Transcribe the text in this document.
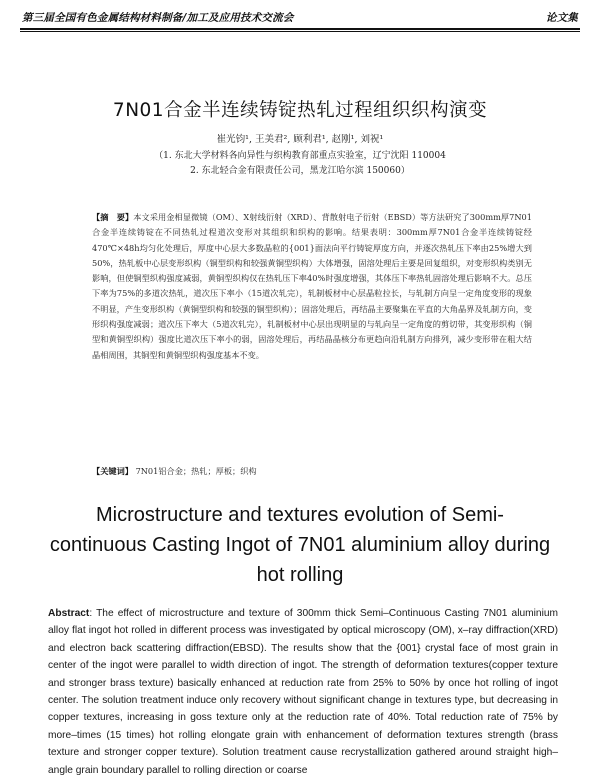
第三届全国有色金属结构材料制备/加工及应用技术交流会	论文集
7N01合金半连续铸锭热轧过程组织织构演变
崔光钧¹, 王美君², 顾利君¹, 赵刚¹, 刘祝¹
（1. 东北大学材料各向异性与织构教育部重点实验室，辽宁沈阳 110004
2. 东北轻合金有限责任公司，黑龙江哈尔滨 150060）
【摘　要】本文采用金相显微镜（OM）、X射线衍射（XRD）、背散射电子衍射（EBSD）等方法研究了300mm厚7N01合金半连续铸锭在不同热轧过程道次变形对其组织和织构的影响。结果表明：300mm厚7N01合金半连续铸锭经470℃×48h均匀化处理后，厚度中心层大多数晶粒的{001}面法向平行铸锭厚度方向，并逐次热轧压下率由25%增大到50%，热轧板中心层变形织构（铜型织构和较强黄铜型织构）大体增强，固溶处理后主要是回复组织，对变形织构类别无影响，但使铜型织构强度减弱，黄铜型织构仅在热轧压下率40%时强度增强，其体压下率热轧固溶处理后影响不大。总压下率为75%的多道次热轧，道次压下率小（15道次轧完），轧制板材中心层晶粒拉长，与轧制方向呈一定角度变形的现象不明显，产生变形织构（黄铜型织构和较强的铜型织构）；固溶处理后，再结晶主要聚集在平直的大角晶界及轧制方向，变形织构强度减弱；道次压下率大（5道次轧完），轧制板材中心层出现明显的与轧向呈一定角度的剪切带，其变形织构（铜型和黄铜型织构）强度比道次压下率小的弱，固溶处理后，再结晶晶核分布更趋向沿轧制方向排列，减少变形带在粗大结晶相周围，其铜型和黄铜型织构强度基本不变。
【关键词】 7N01铝合金；热轧；厚板；织构
Microstructure and textures evolution of Semi-
continuous Casting Ingot of 7N01 aluminium alloy during
hot rolling
Abstract: The effect of microstructure and texture of 300mm thick Semi–Continuous Casting 7N01 aluminium alloy flat ingot hot rolled in different process was investigated by optical microscopy (OM), x–ray diffraction(XRD) and electron back scattering diffraction(EBSD). The results show that the {001} crystal face of most grain in center of the ingot were parallel to width direction of ingot. The strength of deformation textures(copper texture and stronger brass texture) basically enhanced at reduction rate from 25% to 50% by once hot rolling of ingot center. The solution treatment induce only recovery without significant change in textures type, but decreasing in copper textures, increasing in goss texture only at the reduction rate of 40%. Total reduction rate of 75% by more–times (15 times) hot rolling elongate grain with enhancement of deformation textures strength (brass texture and stronger copper texture). Solution treatment cause recrystallization gathered around straight high–angle grain boundary parallel to rolling direction or coarse
